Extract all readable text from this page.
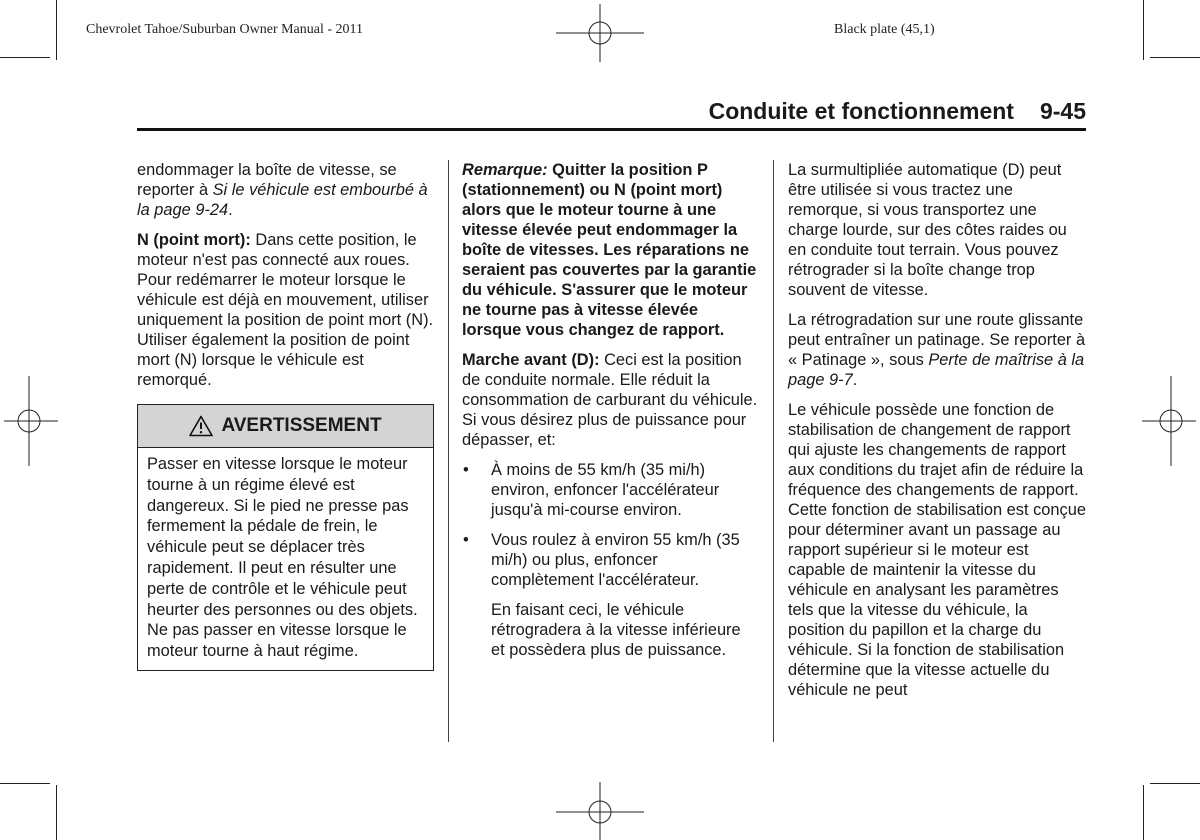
Chevrolet Tahoe/Suburban Owner Manual - 2011	Black plate (45,1)
Conduite et fonctionnement 9-45

endommager la boîte de vitesse, se reporter à Si le véhicule est embourbé à la page 9‑24.

N (point mort): Dans cette position, le moteur n'est pas connecté aux roues. Pour redémarrer le moteur lorsque le véhicule est déjà en mouvement, utiliser uniquement la position de point mort (N). Utiliser également la position de point mort (N) lorsque le véhicule est remorqué.

AVERTISSEMENT
Passer en vitesse lorsque le moteur tourne à un régime élevé est dangereux. Si le pied ne presse pas fermement la pédale de frein, le véhicule peut se déplacer très rapidement. Il peut en résulter une perte de contrôle et le véhicule peut heurter des personnes ou des objets. Ne pas passer en vitesse lorsque le moteur tourne à haut régime.

Remarque: Quitter la position P (stationnement) ou N (point mort) alors que le moteur tourne à une vitesse élevée peut endommager la boîte de vitesses. Les réparations ne seraient pas couvertes par la garantie du véhicule. S'assurer que le moteur ne tourne pas à vitesse élevée lorsque vous changez de rapport.

Marche avant (D): Ceci est la position de conduite normale. Elle réduit la consommation de carburant du véhicule. Si vous désirez plus de puissance pour dépasser, et:

• À moins de 55 km/h (35 mi/h) environ, enfoncer l'accélérateur jusqu'à mi-course environ.
• Vous roulez à environ 55 km/h (35 mi/h) ou plus, enfoncer complètement l'accélérateur.

En faisant ceci, le véhicule rétrogradera à la vitesse inférieure et possèdera plus de puissance.

La surmultipliée automatique (D) peut être utilisée si vous tractez une remorque, si vous transportez une charge lourde, sur des côtes raides ou en conduite tout terrain. Vous pouvez rétrograder si la boîte change trop souvent de vitesse.

La rétrogradation sur une route glissante peut entraîner un patinage. Se reporter à « Patinage », sous Perte de maîtrise à la page 9‑7.

Le véhicule possède une fonction de stabilisation de changement de rapport qui ajuste les changements de rapport aux conditions du trajet afin de réduire la fréquence des changements de rapport. Cette fonction de stabilisation est conçue pour déterminer avant un passage au rapport supérieur si le moteur est capable de maintenir la vitesse du véhicule en analysant les paramètres tels que la vitesse du véhicule, la position du papillon et la charge du véhicule. Si la fonction de stabilisation détermine que la vitesse actuelle du véhicule ne peut
